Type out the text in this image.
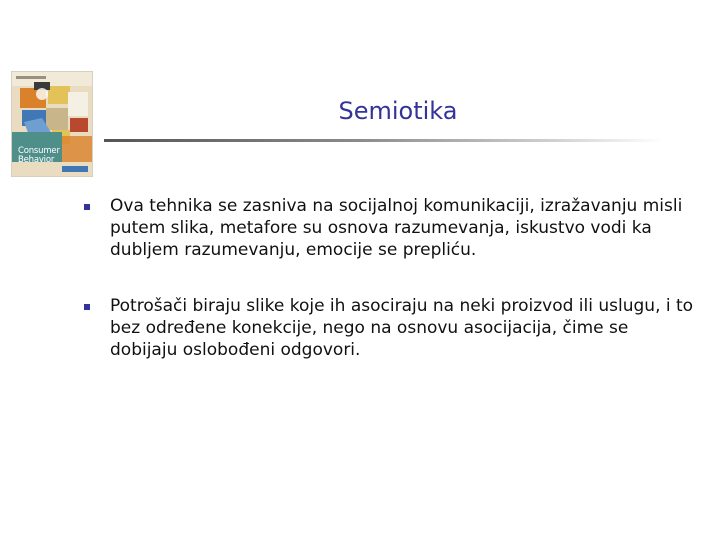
Consumer
Behavior
Semiotika
Ova tehnika se zasniva na socijalnoj komunikaciji, izražavanju misli putem slika, metafore su osnova razumevanja, iskustvo vodi ka dubljem razumevanju, emocije se prepliću.
Potrošači biraju slike koje ih asociraju na neki proizvod ili uslugu, i to bez određene konekcije, nego na osnovu asocijacija, čime se dobijaju oslobođeni odgovori.
